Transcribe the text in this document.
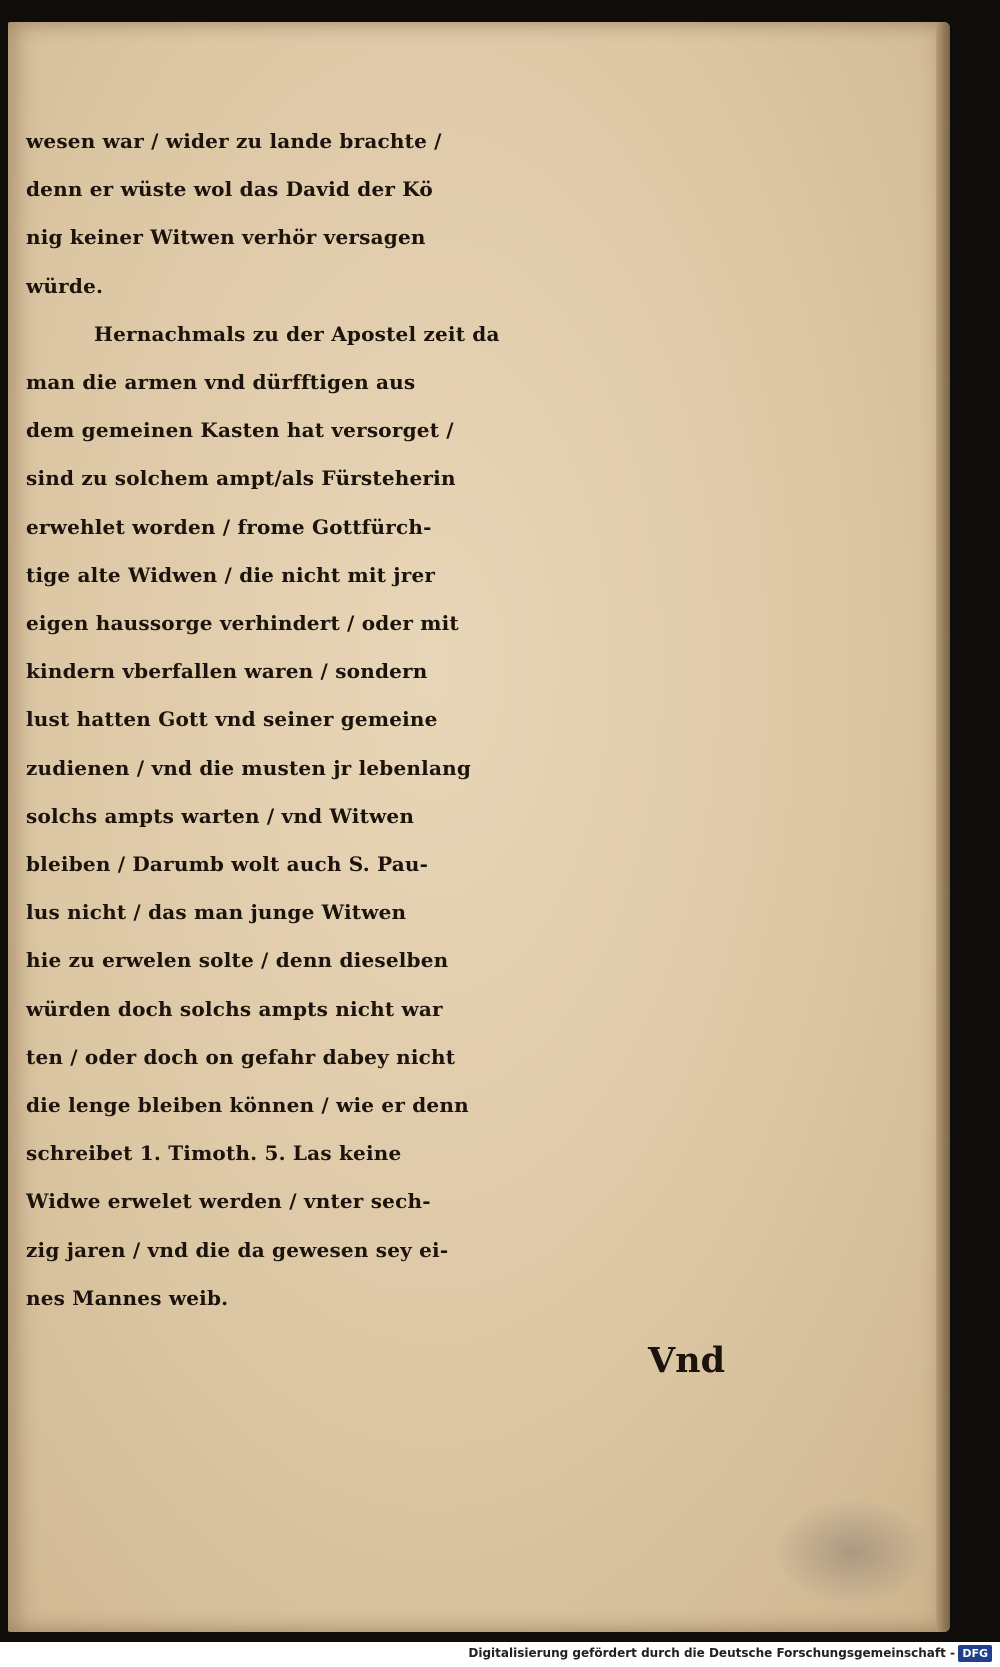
wesen war / wider zu lande brachte /
denn er wüste wol das David der Kö
nig keiner Witwen verhör versagen
würde.
Hernachmals zu der Apostel zeit da
man die armen vnd dürfftigen aus
dem gemeinen Kasten hat versorget /
sind zu solchem ampt/als Fürsteherin
erwehlet worden / frome Gottfürch-
tige alte Widwen / die nicht mit jrer
eigen haussorge verhindert / oder mit
kindern vberfallen waren / sondern
lust hatten Gott vnd seiner gemeine
zudienen / vnd die musten jr lebenlang
solchs ampts warten / vnd Witwen
bleiben / Darumb wolt auch S. Pau-
lus nicht / das man junge Witwen
hie zu erwelen solte / denn dieselben
würden doch solchs ampts nicht war
ten / oder doch on gefahr dabey nicht
die lenge bleiben können / wie er denn
schreibet 1. Timoth. 5. Las keine
Widwe erwelet werden / vnter sech-
zig jaren / vnd die da gewesen sey ei-
nes Mannes weib.
Vnd
Digitalisierung gefördert durch die Deutsche Forschungsgemeinschaft - DFG
